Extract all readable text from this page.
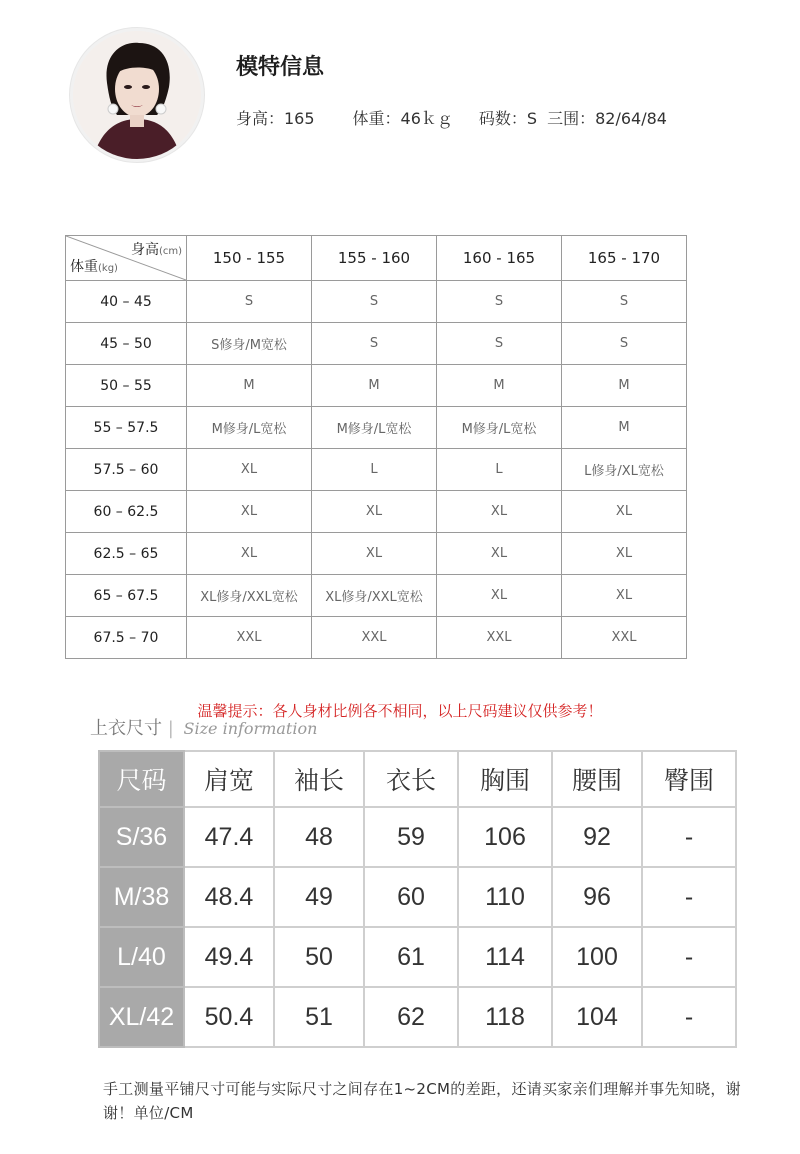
模特信息
身高：165 体重：46ｋｇ 码数：S 三围：82/64/84
身高(cm)
体重(kg)	150 - 155	155 - 160	160 - 165	165 - 170
40 – 45	S	S	S	S
45 – 50	S修身/M宽松	S	S	S
50 – 55	M	M	M	M
55 – 57.5	M修身/L宽松	M修身/L宽松	M修身/L宽松	M
57.5 – 60	XL	L	L	L修身/XL宽松
60 – 62.5	XL	XL	XL	XL
62.5 – 65	XL	XL	XL	XL
65 – 67.5	XL修身/XXL宽松	XL修身/XXL宽松	XL	XL
67.5 – 70	XXL	XXL	XXL	XXL
温馨提示：各人身材比例各不相同，以上尺码建议仅供参考！
上衣尺寸 | Size information
尺码	肩宽	袖长	衣长	胸围	腰围	臀围
S/36	47.4	48	59	106	92	-
M/38	48.4	49	60	110	96	-
L/40	49.4	50	61	114	100	-
XL/42	50.4	51	62	118	104	-
手工测量平铺尺寸可能与实际尺寸之间存在1~2CM的差距，还请买家亲们理解并事先知晓，谢谢！单位/CM
